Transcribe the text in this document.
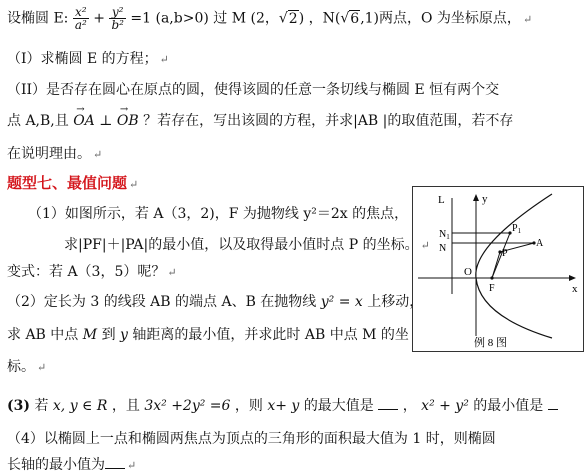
设椭圆 E: $\frac{\text{x²}}{\text{a²}} + \frac{\text{y²}}{\text{b²}} =1$ (a,b>0) 过 M (2，√2) ，N(√6,1)两点，O 为坐标原点， ↵
（I）求椭圆 E 的方程； ↵
（II）是否存在圆心在原点的圆，使得该圆的任意一条切线与椭圆 E 恒有两个交
点 A,B,且 → OA ⊥ → OB ？若存在，写出该圆的方程，并求|AB |的取值范围，若不存
在说明理由。 ↵
题型七、最值问题 ↵
（1）如图所示，若 A（3，2)，F 为抛物线 y²＝2x 的焦点，
求|PF|＋|PA|的最小值，以及取得最小值时点 P 的坐标。 ↵
变式：若 A（3，5）呢？ ↵
（2）定长为 3 的线段 AB 的端点 A、B 在抛物线 y² = x 上移动，
求 AB 中点 M 到 y 轴距离的最小值，并求此时 AB 中点 M 的坐
标。 ↵
(3) 若 x, y ∈ R ，且 3x² +2y² =6 ，则 x+ y 的最大值是 ， x² + y² 的最小值是
（4）以椭圆上一点和椭圆两焦点为顶点的三角形的面积最大值为 1 时，则椭圆
长轴的最小值为 ↵
L	y
x
O
F
$P_1$
P
A
$N_1$
N
例 8 图
